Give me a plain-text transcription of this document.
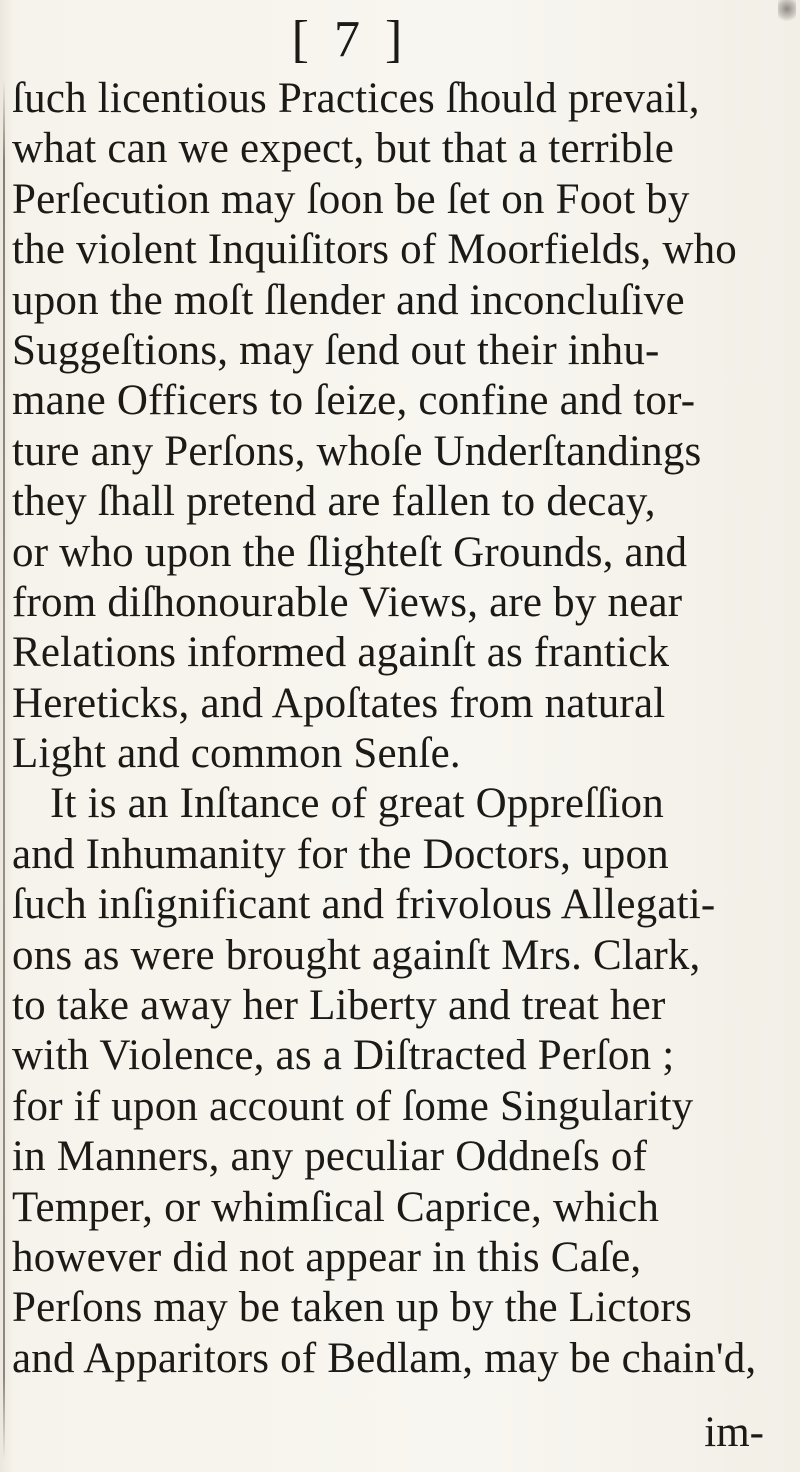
[ 7 ]
ſuch licentious Practices ſhould prevail,
what can we expect, but that a terrible
Perſecution may ſoon be ſet on Foot by
the violent Inquiſitors of Moorfields, who
upon the moſt ſlender and inconcluſive
Suggeſtions, may ſend out their inhu-
mane Officers to ſeize, confine and tor-
ture any Perſons, whoſe Underſtandings
they ſhall pretend are fallen to decay,
or who upon the ſlighteſt Grounds, and
from diſhonourable Views, are by near
Relations informed againſt as frantick
Hereticks, and Apoſtates from natural
Light and common Senſe.
It is an Inſtance of great Oppreſſion
and Inhumanity for the Doctors, upon
ſuch inſignificant and frivolous Allegati-
ons as were brought againſt Mrs. Clark,
to take away her Liberty and treat her
with Violence, as a Diſtracted Perſon ;
for if upon account of ſome Singularity
in Manners, any peculiar Oddneſs of
Temper, or whimſical Caprice, which
however did not appear in this Caſe,
Perſons may be taken up by the Lictors
and Apparitors of Bedlam, may be chain'd,
im-
